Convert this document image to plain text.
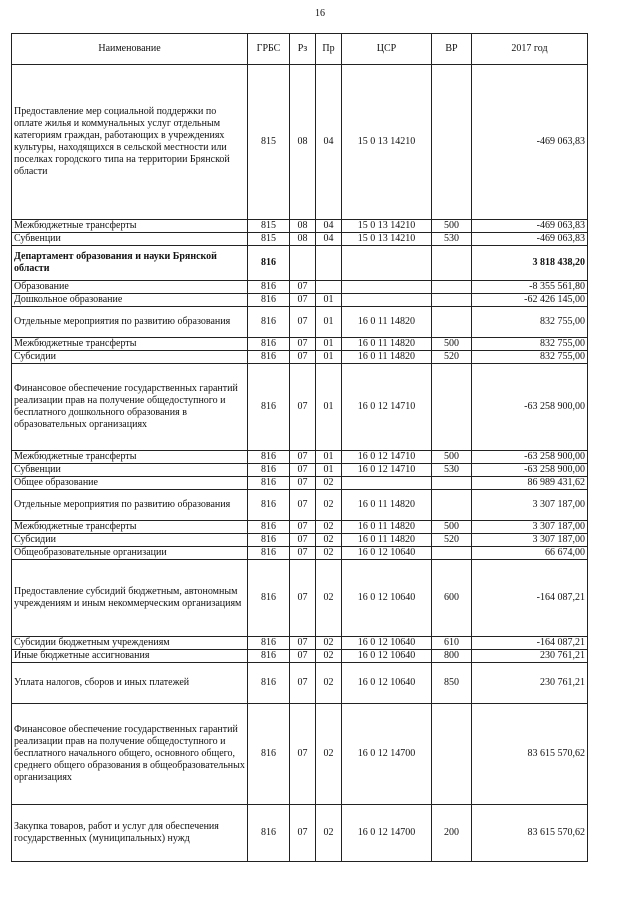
16
Наименование	ГРБС	Рз	Пр	ЦСР	ВР	2017 год
Предоставление мер социальной поддержки по оплате жилья и коммунальных услуг отдельным категориям граждан, работающих в учреждениях культуры, находящихся в сельской местности или поселках городского типа на территории Брянской области	815	08	04	15 0 13 14210		-469 063,83
Межбюджетные трансферты	815	08	04	15 0 13 14210	500	-469 063,83
Субвенции	815	08	04	15 0 13 14210	530	-469 063,83
Департамент образования и науки Брянской области	816					3 818 438,20
Образование	816	07				-8 355 561,80
Дошкольное образование	816	07	01			-62 426 145,00
Отдельные мероприятия по развитию образования	816	07	01	16 0 11 14820		832 755,00
Межбюджетные трансферты	816	07	01	16 0 11 14820	500	832 755,00
Субсидии	816	07	01	16 0 11 14820	520	832 755,00
Финансовое обеспечение государственных гарантий реализации прав на получение общедоступного и бесплатного дошкольного образования в образовательных организациях	816	07	01	16 0 12 14710		-63 258 900,00
Межбюджетные трансферты	816	07	01	16 0 12 14710	500	-63 258 900,00
Субвенции	816	07	01	16 0 12 14710	530	-63 258 900,00
Общее образование	816	07	02			86 989 431,62
Отдельные мероприятия по развитию образования	816	07	02	16 0 11 14820		3 307 187,00
Межбюджетные трансферты	816	07	02	16 0 11 14820	500	3 307 187,00
Субсидии	816	07	02	16 0 11 14820	520	3 307 187,00
Общеобразовательные организации	816	07	02	16 0 12 10640		66 674,00
Предоставление субсидий бюджетным, автономным учреждениям и иным некоммерческим организациям	816	07	02	16 0 12 10640	600	-164 087,21
Субсидии бюджетным учреждениям	816	07	02	16 0 12 10640	610	-164 087,21
Иные бюджетные ассигнования	816	07	02	16 0 12 10640	800	230 761,21
Уплата налогов, сборов и иных платежей	816	07	02	16 0 12 10640	850	230 761,21
Финансовое обеспечение государственных гарантий реализации прав на получение общедоступного и бесплатного начального общего, основного общего, среднего общего образования в общеобразовательных организациях	816	07	02	16 0 12 14700		83 615 570,62
Закупка товаров, работ и услуг для обеспечения государственных (муниципальных) нужд	816	07	02	16 0 12 14700	200	83 615 570,62
